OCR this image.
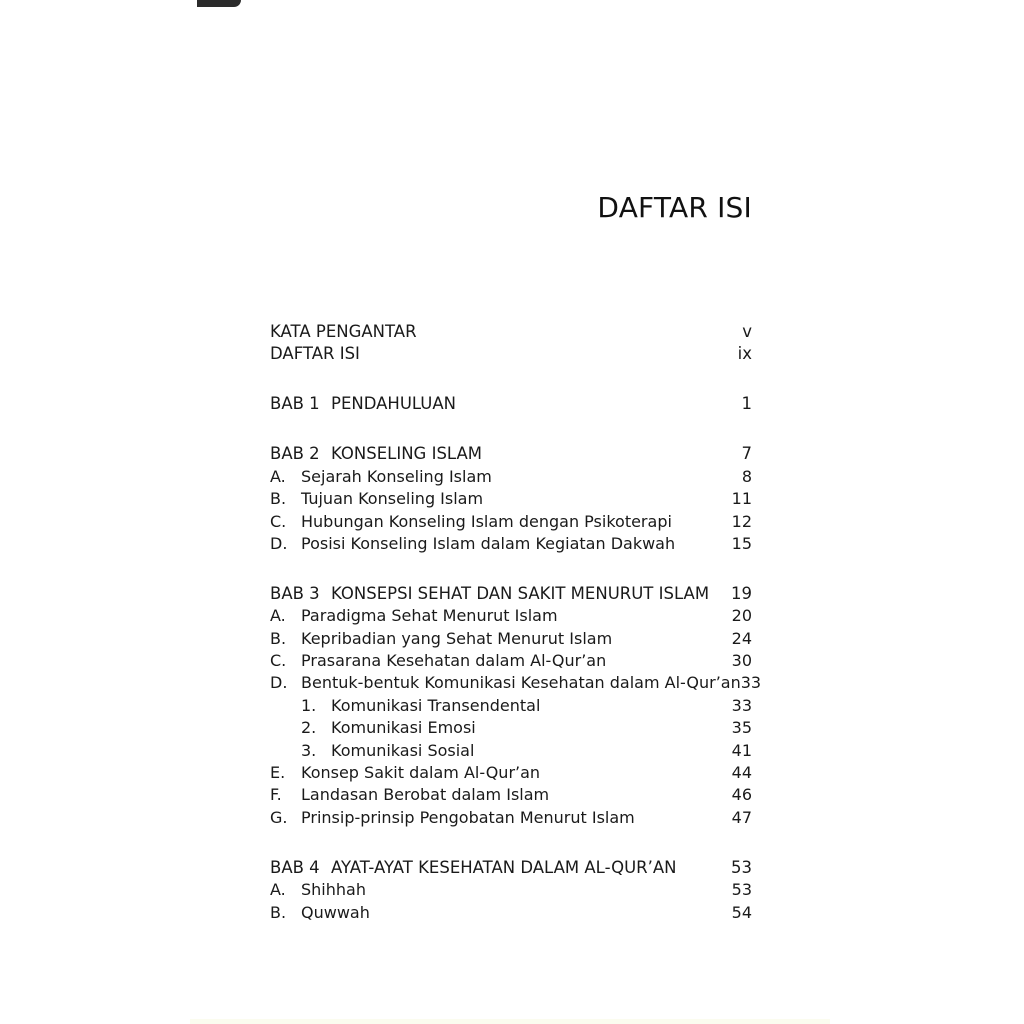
DAFTAR ISI
KATA PENGANTAR	v
DAFTAR ISI	ix
BAB 1 PENDAHULUAN	1
BAB 2 KONSELING ISLAM	7
A. Sejarah Konseling Islam	8
B. Tujuan Konseling Islam	11
C. Hubungan Konseling Islam dengan Psikoterapi	12
D. Posisi Konseling Islam dalam Kegiatan Dakwah	15
BAB 3 KONSEPSI SEHAT DAN SAKIT MENURUT ISLAM 19
A. Paradigma Sehat Menurut Islam	20
B. Kepribadian yang Sehat Menurut Islam	24
C. Prasarana Kesehatan dalam Al-Qur’an	30
D. Bentuk-bentuk Komunikasi Kesehatan dalam Al-Qur’an 33
1. Komunikasi Transendental	33
2. Komunikasi Emosi	35
3. Komunikasi Sosial	41
E. Konsep Sakit dalam Al-Qur’an	44
F.	Landasan Berobat dalam Islam	46
G. Prinsip-prinsip Pengobatan Menurut Islam	47
BAB 4 AYAT-AYAT KESEHATAN DALAM AL-QUR’AN	53
A. Shihhah	53
B. Quwwah	54
